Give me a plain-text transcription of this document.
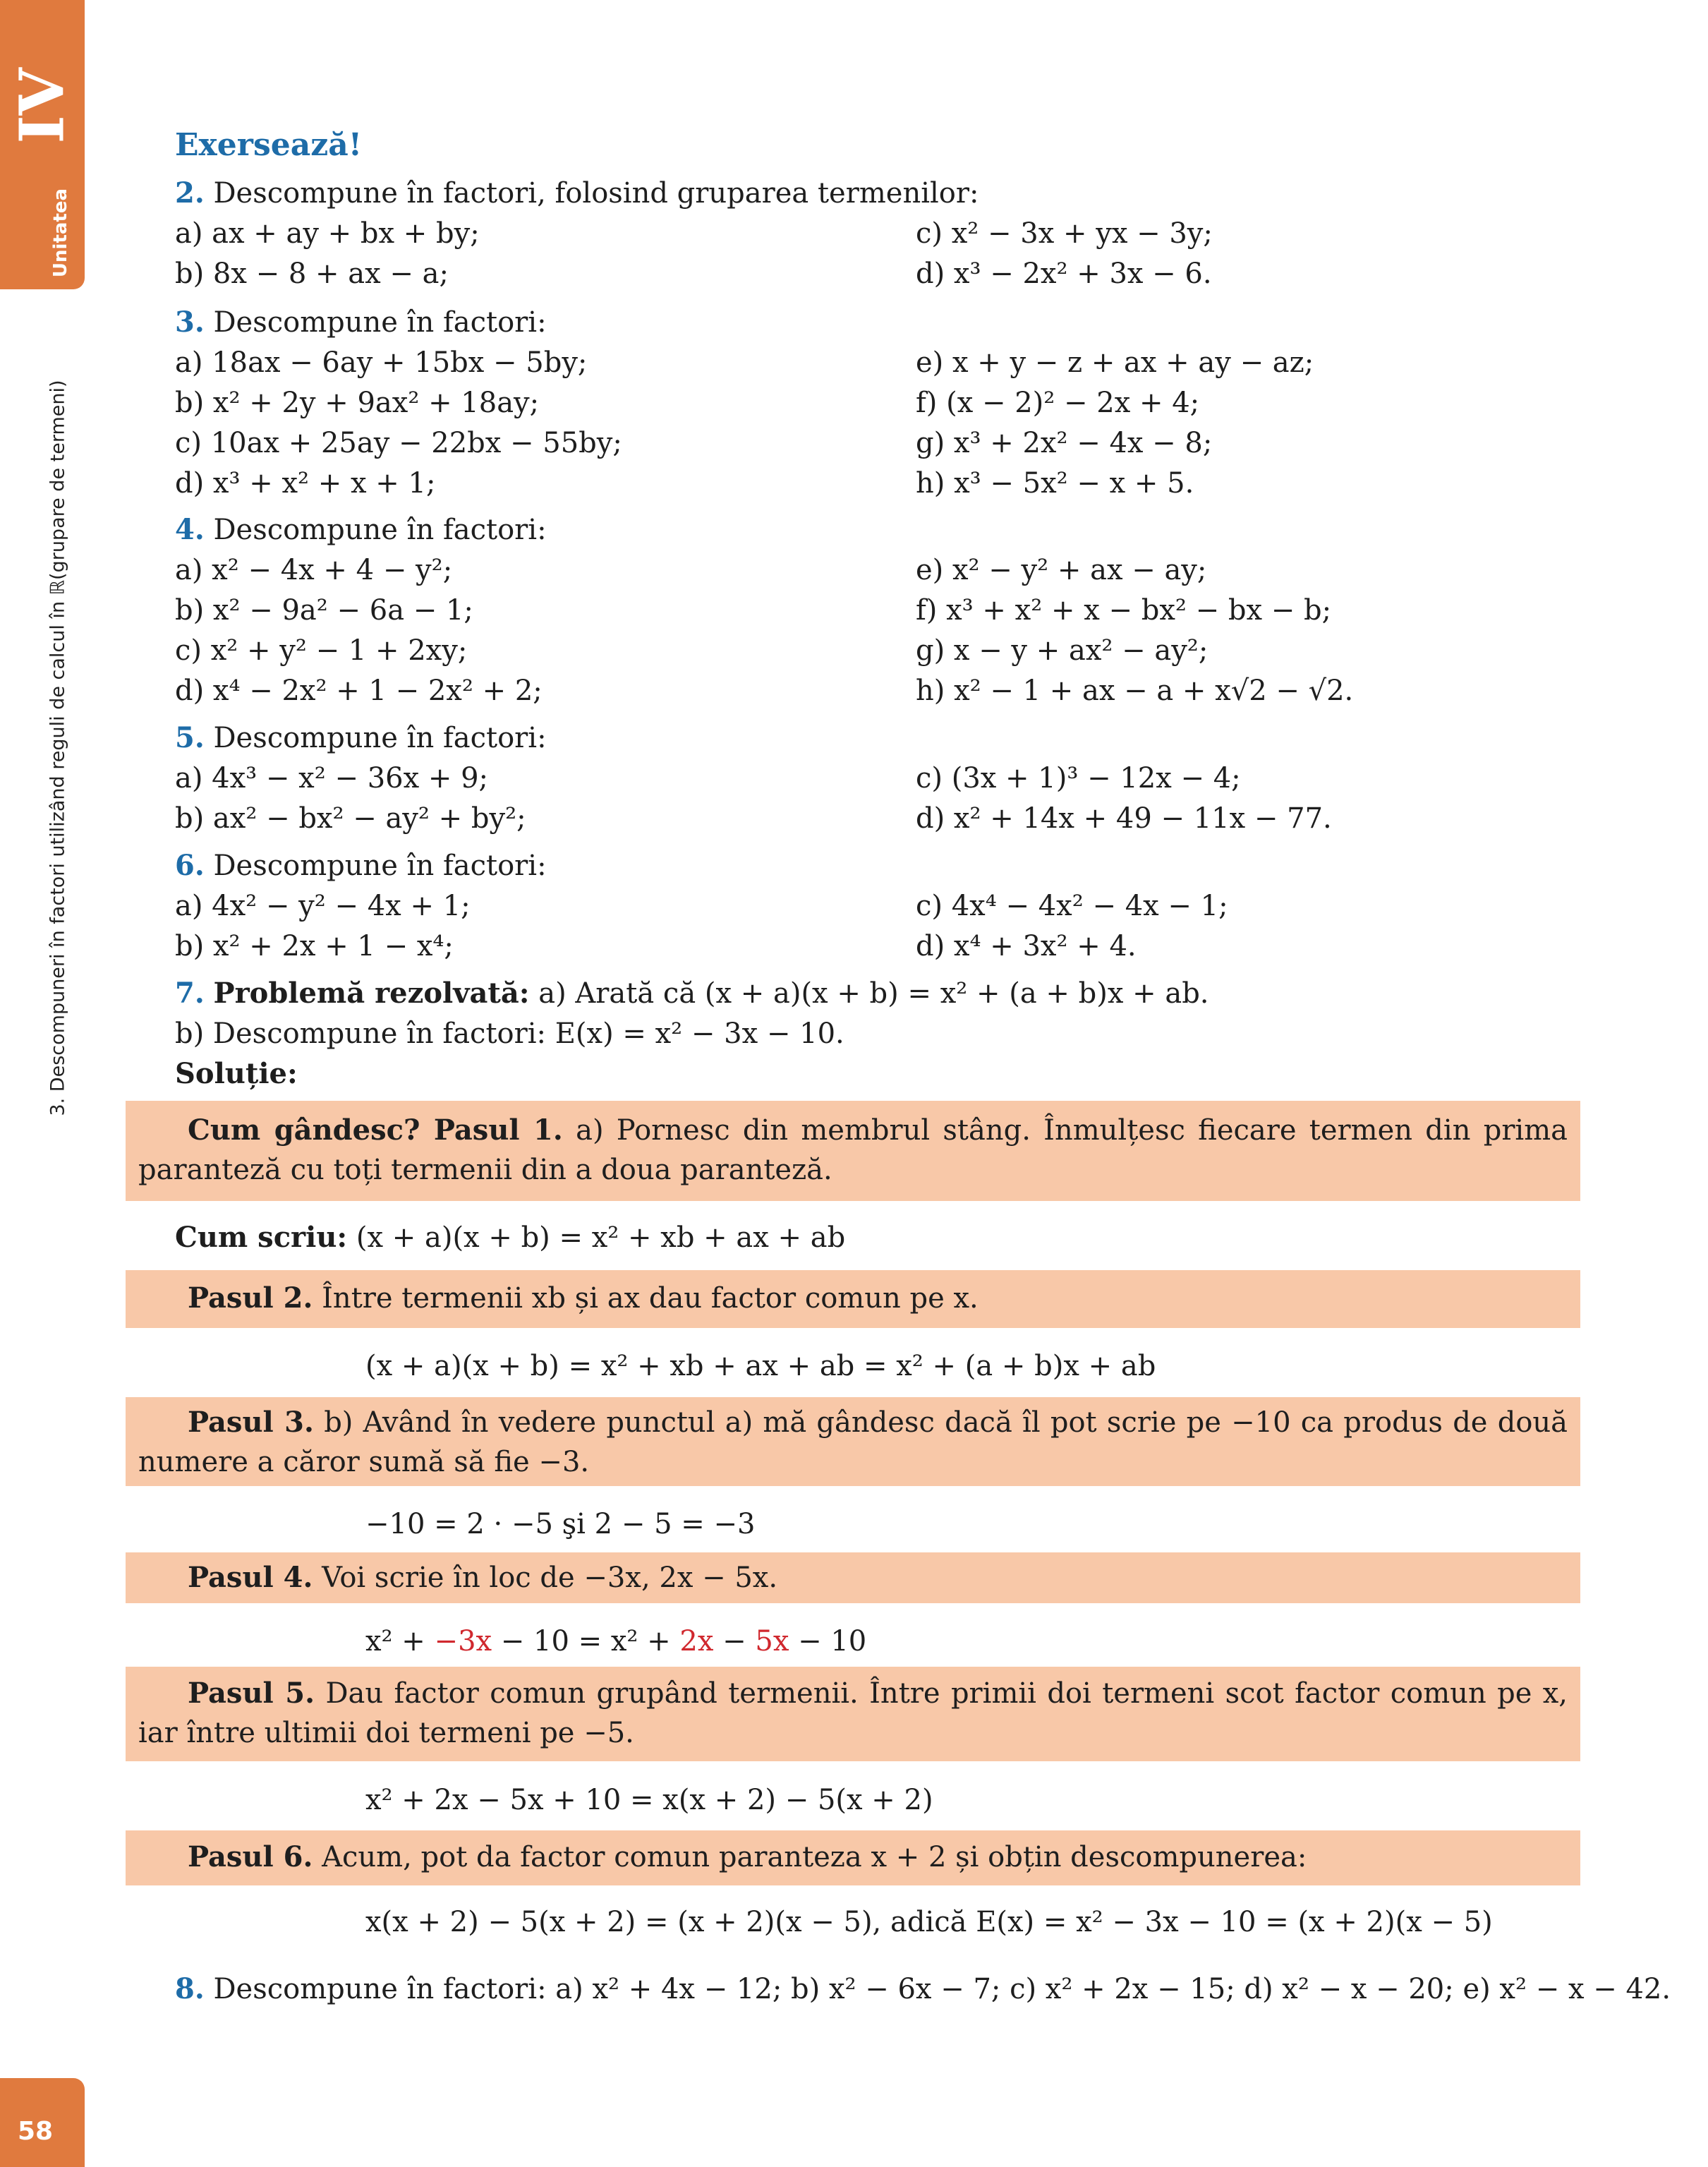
IV
Unitatea
3. Descompuneri în factori utilizând reguli de calcul în ℝ(grupare de termeni)
58
Exersează!
2. Descompune în factori, folosind gruparea termenilor:
a) ax + ay + bx + by;	c) x² − 3x + yx − 3y;
b) 8x − 8 + ax − a;	d) x³ − 2x² + 3x − 6.
3. Descompune în factori:
a) 18ax − 6ay + 15bx − 5by;	e) x + y − z + ax + ay − az;
b) x² + 2y + 9ax² + 18ay;	f) (x − 2)² − 2x + 4;
c) 10ax + 25ay − 22bx − 55by;	g) x³ + 2x² − 4x − 8;
d) x³ + x² + x + 1;	h) x³ − 5x² − x + 5.
4. Descompune în factori:
a) x² − 4x + 4 − y²;	e) x² − y² + ax − ay;
b) x² − 9a² − 6a − 1;	f) x³ + x² + x − bx² − bx − b;
c) x² + y² − 1 + 2xy;	g) x − y + ax² − ay²;
d) x⁴ − 2x² + 1 − 2x² + 2;	h) x² − 1 + ax − a + x√2 − √2.
5. Descompune în factori:
a) 4x³ − x² − 36x + 9;	c) (3x + 1)³ − 12x − 4;
b) ax² − bx² − ay² + by²;	d) x² + 14x + 49 − 11x − 77.
6. Descompune în factori:
a) 4x² − y² − 4x + 1;	c) 4x⁴ − 4x² − 4x − 1;
b) x² + 2x + 1 − x⁴;	d) x⁴ + 3x² + 4.
7. Problemă rezolvată: a) Arată că (x + a)(x + b) = x² + (a + b)x + ab.
b) Descompune în factori: E(x) = x² − 3x − 10.
Soluție:
Cum gândesc? Pasul 1. a) Pornesc din membrul stâng. Înmulțesc fiecare termen din prima paranteză cu toți termenii din a doua paranteză.
Cum scriu: (x + a)(x + b) = x² + xb + ax + ab
Pasul 2. Între termenii xb și ax dau factor comun pe x.
(x + a)(x + b) = x² + xb + ax + ab = x² + (a + b)x + ab
Pasul 3. b) Având în vedere punctul a) mă gândesc dacă îl pot scrie pe −10 ca produs de două numere a căror sumă să fie −3.
−10 = 2 · −5 şi 2 − 5 = −3
Pasul 4. Voi scrie în loc de −3x, 2x − 5x.
x² + −3x − 10 = x² + 2x − 5x − 10
Pasul 5. Dau factor comun grupând termenii. Între primii doi termeni scot factor comun pe x, iar între ultimii doi termeni pe −5.
x² + 2x − 5x + 10 = x(x + 2) − 5(x + 2)
Pasul 6. Acum, pot da factor comun paranteza x + 2 și obțin descompunerea:
x(x + 2) − 5(x + 2) = (x + 2)(x − 5), adică E(x) = x² − 3x − 10 = (x + 2)(x − 5)
8. Descompune în factori: a) x² + 4x − 12; b) x² − 6x − 7; c) x² + 2x − 15; d) x² − x − 20; e) x² − x − 42.
